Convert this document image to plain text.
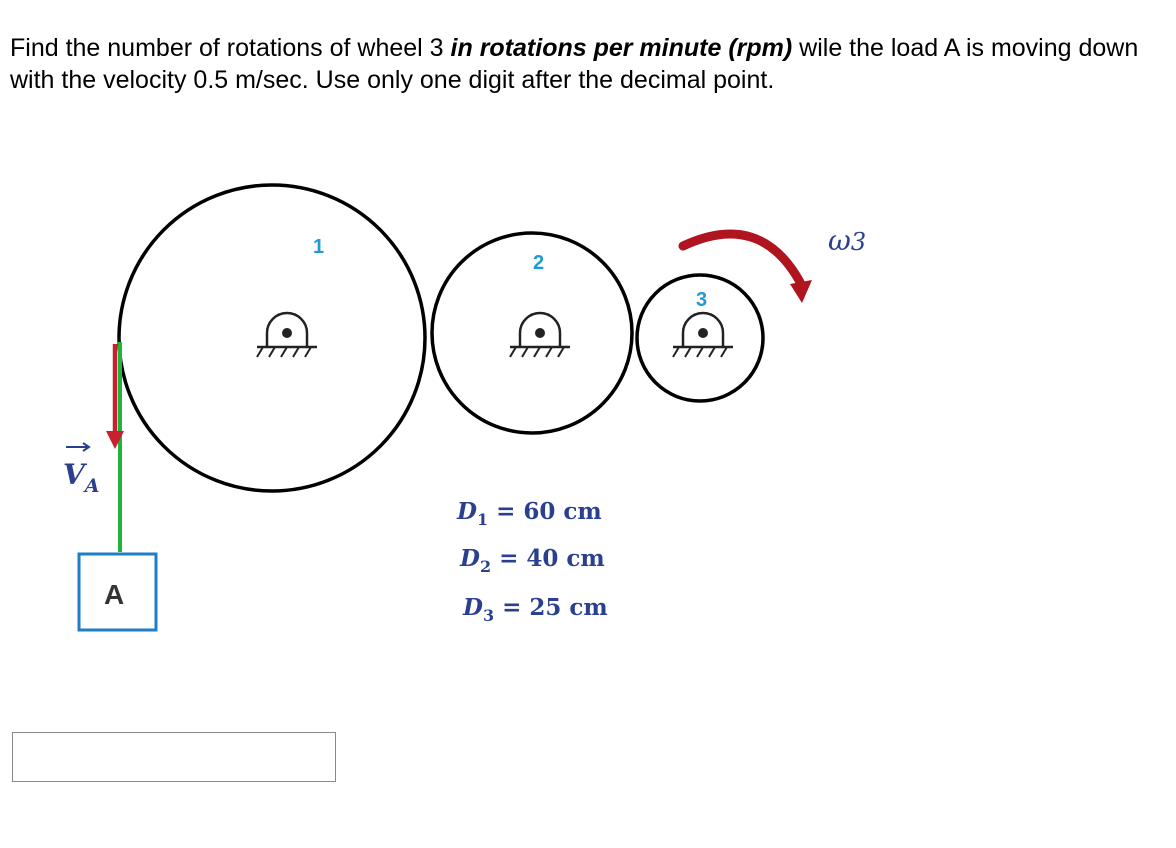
Find the number of rotations of wheel 3 in rotations per minute (rpm) wile the load A is moving down with the velocity 0.5 m/sec. Use only one digit after the decimal point.
1
2
3
$V_A$
A
ω3
$D_1 = 60$ cm
$D_2 = 40$ cm
$D_3 = 25$ cm
